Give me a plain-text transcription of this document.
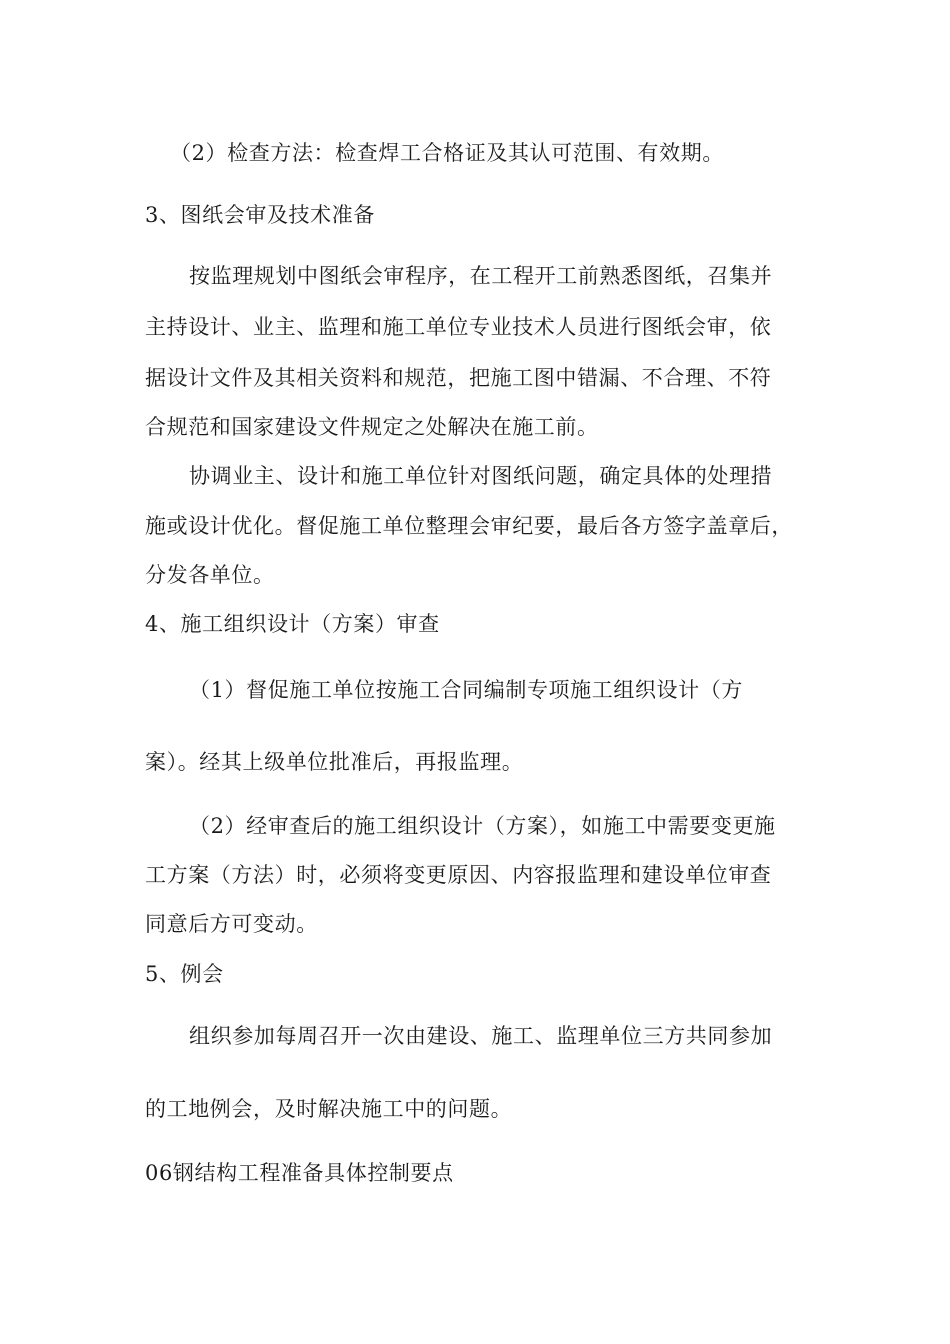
（2）检查方法：检查焊工合格证及其认可范围、有效期。
3、图纸会审及技术准备
按监理规划中图纸会审程序，在工程开工前熟悉图纸，召集并
主持设计、业主、监理和施工单位专业技术人员进行图纸会审，依
据设计文件及其相关资料和规范，把施工图中错漏、不合理、不符
合规范和国家建设文件规定之处解决在施工前。
协调业主、设计和施工单位针对图纸问题，确定具体的处理措
施或设计优化。督促施工单位整理会审纪要，最后各方签字盖章后，
分发各单位。
4、施工组织设计（方案）审查
（1）督促施工单位按施工合同编制专项施工组织设计（方
案）。经其上级单位批准后，再报监理。
（2）经审查后的施工组织设计（方案），如施工中需要变更施
工方案（方法）时，必须将变更原因、内容报监理和建设单位审查
同意后方可变动。
5、例会
组织参加每周召开一次由建设、施工、监理单位三方共同参加
的工地例会，及时解决施工中的问题。
06钢结构工程准备具体控制要点
